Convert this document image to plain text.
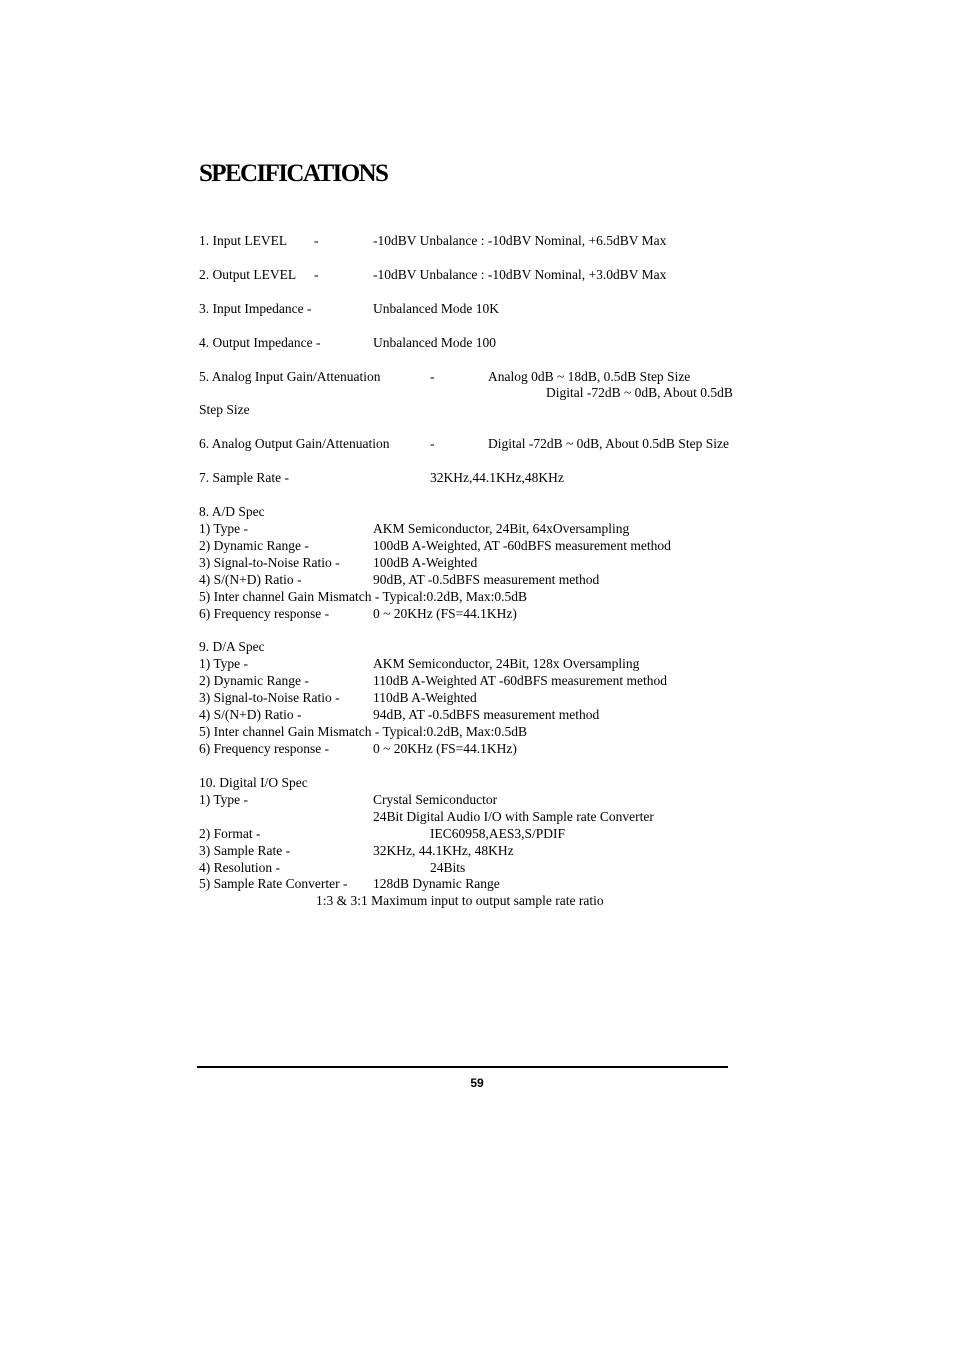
SPECIFICATIONS
1. Input LEVEL -	-10dBV Unbalance : -10dBV Nominal, +6.5dBV Max
2. Output LEVEL -	-10dBV Unbalance : -10dBV Nominal, +3.0dBV Max
3. Input Impedance -	Unbalanced Mode 10K
4. Output Impedance -	Unbalanced Mode 100
5. Analog Input Gain/Attenuation	-	Analog 0dB ~ 18dB, 0.5dB Step Size
Digital -72dB ~ 0dB, About 0.5dB
Step Size
6. Analog Output Gain/Attenuation	-	Digital -72dB ~ 0dB, About 0.5dB Step Size
7. Sample Rate -	32KHz,44.1KHz,48KHz
8. A/D Spec
1) Type -	AKM Semiconductor, 24Bit, 64xOversampling
2) Dynamic Range -	100dB A-Weighted, AT -60dBFS measurement method
3) Signal-to-Noise Ratio - 100dB A-Weighted
4) S/(N+D) Ratio -	90dB, AT -0.5dBFS measurement method
5) Inter channel Gain Mismatch - Typical:0.2dB, Max:0.5dB
6) Frequency response -	0 ~ 20KHz (FS=44.1KHz)
9. D/A Spec
1) Type -	AKM Semiconductor, 24Bit, 128x Oversampling
2) Dynamic Range -	110dB A-Weighted AT -60dBFS measurement method
3) Signal-to-Noise Ratio - 110dB A-Weighted
4) S/(N+D) Ratio -	94dB, AT -0.5dBFS measurement method
5) Inter channel Gain Mismatch - Typical:0.2dB, Max:0.5dB
6) Frequency response -	0 ~ 20KHz (FS=44.1KHz)
10. Digital I/O Spec
1) Type -	Crystal Semiconductor
24Bit Digital Audio I/O with Sample rate Converter
2) Format -	IEC60958,AES3,S/PDIF
3) Sample Rate -	32KHz, 44.1KHz, 48KHz
4) Resolution -	24Bits
5) Sample Rate Converter - 128dB Dynamic Range
1:3 & 3:1 Maximum input to output sample rate ratio
59
